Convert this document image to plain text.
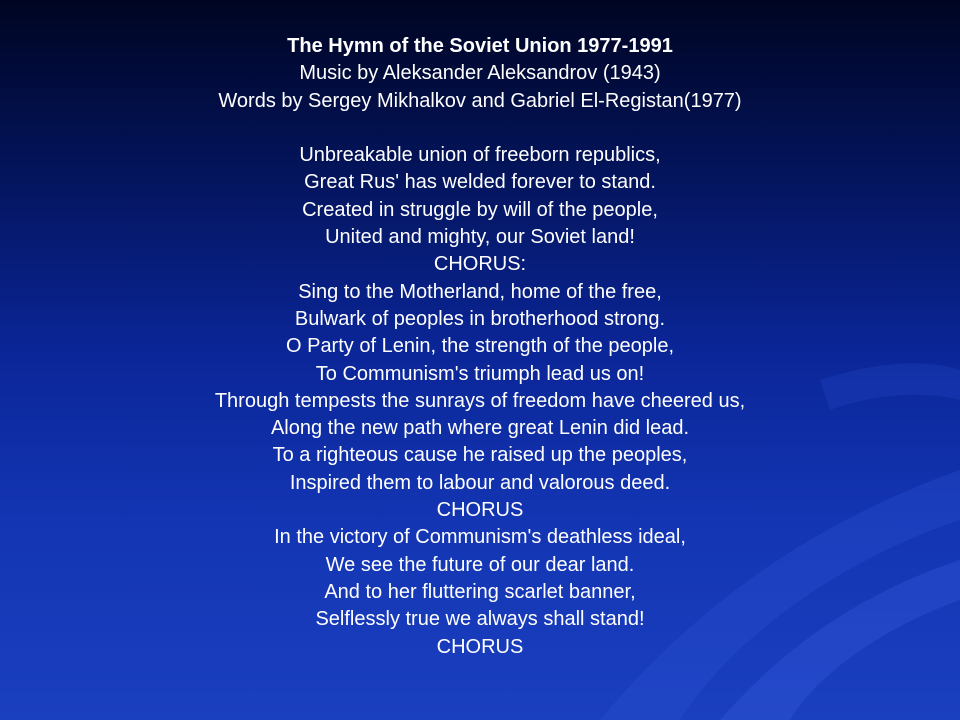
The Hymn of the Soviet Union 1977-1991
Music by Aleksander Aleksandrov (1943)
Words by Sergey Mikhalkov and Gabriel El-Registan(1977)
Unbreakable union of freeborn republics,
Great Rus' has welded forever to stand.
Created in struggle by will of the people,
United and mighty, our Soviet land!
CHORUS:
Sing to the Motherland, home of the free,
Bulwark of peoples in brotherhood strong.
O Party of Lenin, the strength of the people,
To Communism's triumph lead us on!
Through tempests the sunrays of freedom have cheered us,
Along the new path where great Lenin did lead.
To a righteous cause he raised up the peoples,
Inspired them to labour and valorous deed.
CHORUS
In the victory of Communism's deathless ideal,
We see the future of our dear land.
And to her fluttering scarlet banner,
Selflessly true we always shall stand!
CHORUS
